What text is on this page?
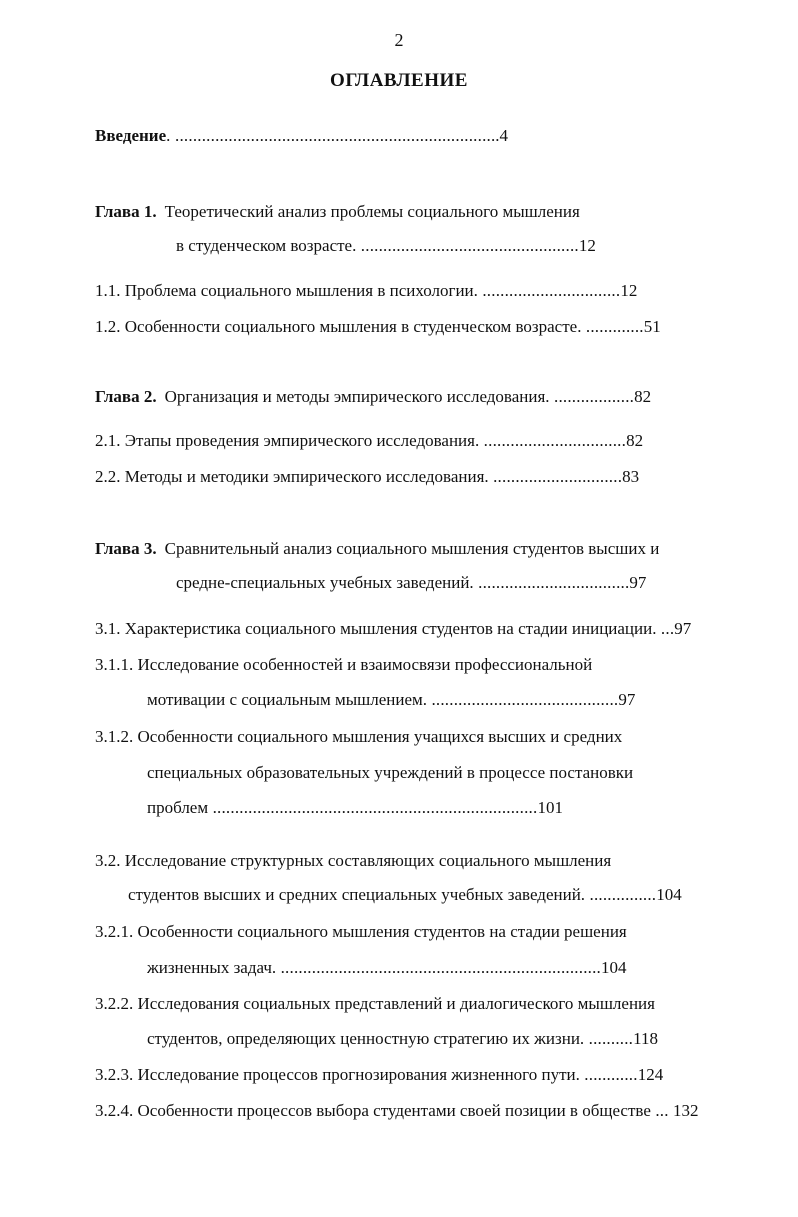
2
ОГЛАВЛЕНИЕ
Введение. .........................................................................4
Глава 1. Теоретический анализ проблемы социального мышления
в студенческом возрасте. .................................................12
1.1. Проблема социального мышления в психологии. ...............................12
1.2. Особенности социального мышления в студенческом возрасте. .............51
Глава 2. Организация и методы эмпирического исследования. ..................82
2.1. Этапы проведения эмпирического исследования. ................................82
2.2. Методы и методики эмпирического исследования. .............................83
Глава 3. Сравнительный анализ социального мышления студентов высших и
средне-специальных учебных заведений. ..................................97
3.1. Характеристика социального мышления студентов на стадии инициации. ...97
3.1.1. Исследование особенностей и взаимосвязи профессиональной
мотивации с социальным мышлением. ..........................................97
3.1.2. Особенности социального мышления учащихся высших и средних
специальных образовательных учреждений в процессе постановки
проблем .........................................................................101
3.2. Исследование структурных составляющих социального мышления
студентов высших и средних специальных учебных заведений. ...............104
3.2.1. Особенности социального мышления студентов на стадии решения
жизненных задач. ........................................................................104
3.2.2. Исследования социальных представлений и диалогического мышления
студентов, определяющих ценностную стратегию их жизни. ..........118
3.2.3. Исследование процессов прогнозирования жизненного пути. ............124
3.2.4. Особенности процессов выбора студентами своей позиции в обществе ... 132
